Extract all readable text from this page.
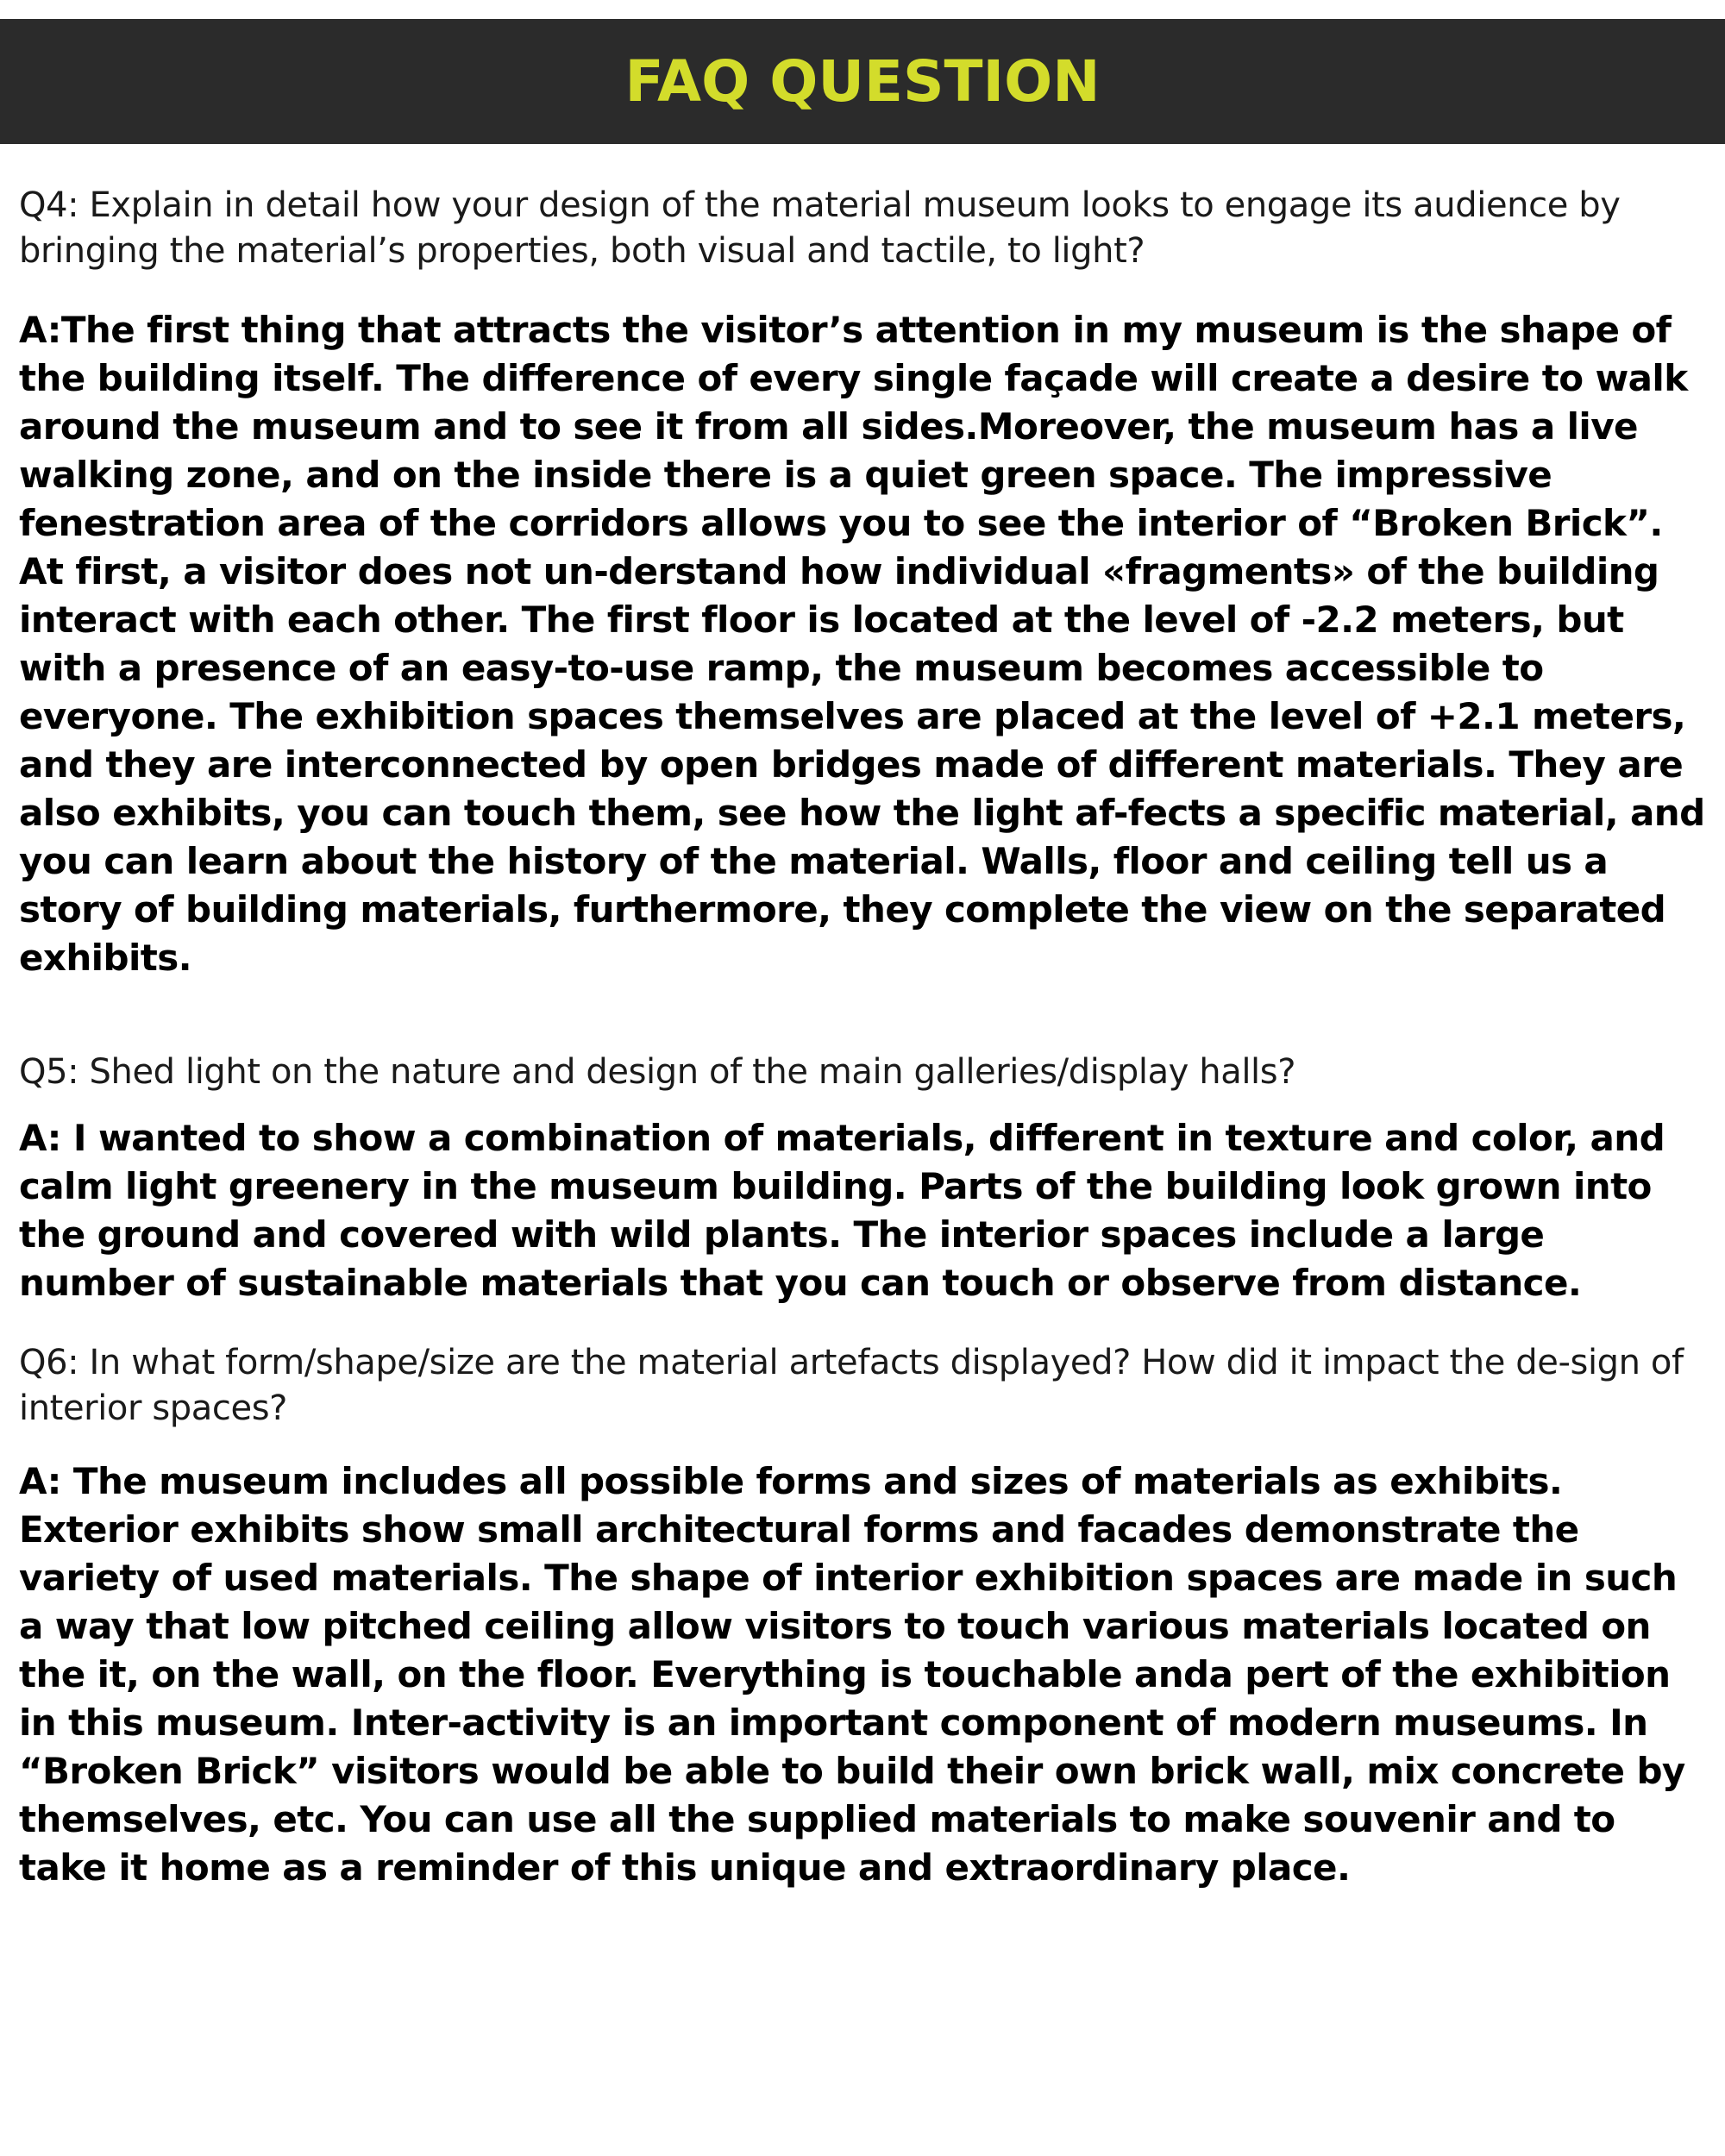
FAQ QUESTION

Q4: Explain in detail how your design of the material museum looks to engage its audience by bringing the material’s properties, both visual and tactile, to light?

A:The first thing that attracts the visitor’s attention in my museum is the shape of the building itself. The difference of every single façade will create a desire to walk around the museum and to see it from all sides.Moreover, the museum has a live walking zone, and on the inside there is a quiet green space. The impressive fenestration area of the corridors allows you to see the interior of “Broken Brick”. At first, a visitor does not un-derstand how individual «fragments» of the building interact with each other. The first floor is located at the level of -2.2 meters, but with a presence of an easy-to-use ramp, the museum becomes accessible to everyone. The exhibition spaces themselves are placed at the level of +2.1 meters, and they are interconnected by open bridges made of different materials. They are also exhibits, you can touch them, see how the light af-fects a specific material, and you can learn about the history of the material. Walls, floor and ceiling tell us a story of building materials, furthermore, they complete the view on the separated exhibits.

Q5: Shed light on the nature and design of the main galleries/display halls?

A: I wanted to show a combination of materials, different in texture and color, and calm light greenery in the museum building. Parts of the building look grown into the ground and covered with wild plants. The interior spaces include a large number of sustainable materials that you can touch or observe from distance.

Q6: In what form/shape/size are the material artefacts displayed? How did it impact the de-sign of interior spaces?

A: The museum includes all possible forms and sizes of materials as exhibits. Exterior exhibits show small architectural forms and facades demonstrate the variety of used materials. The shape of interior exhibition spaces are made in such a way that low pitched ceiling allow visitors to touch various materials located on the it, on the wall, on the floor. Everything is touchable anda pert of the exhibition in this museum. Inter-activity is an important component of modern museums. In “Broken Brick” visitors would be able to build their own brick wall, mix concrete by themselves, etc. You can use all the supplied materials to make souvenir and to take it home as a reminder of this unique and extraordinary place.
